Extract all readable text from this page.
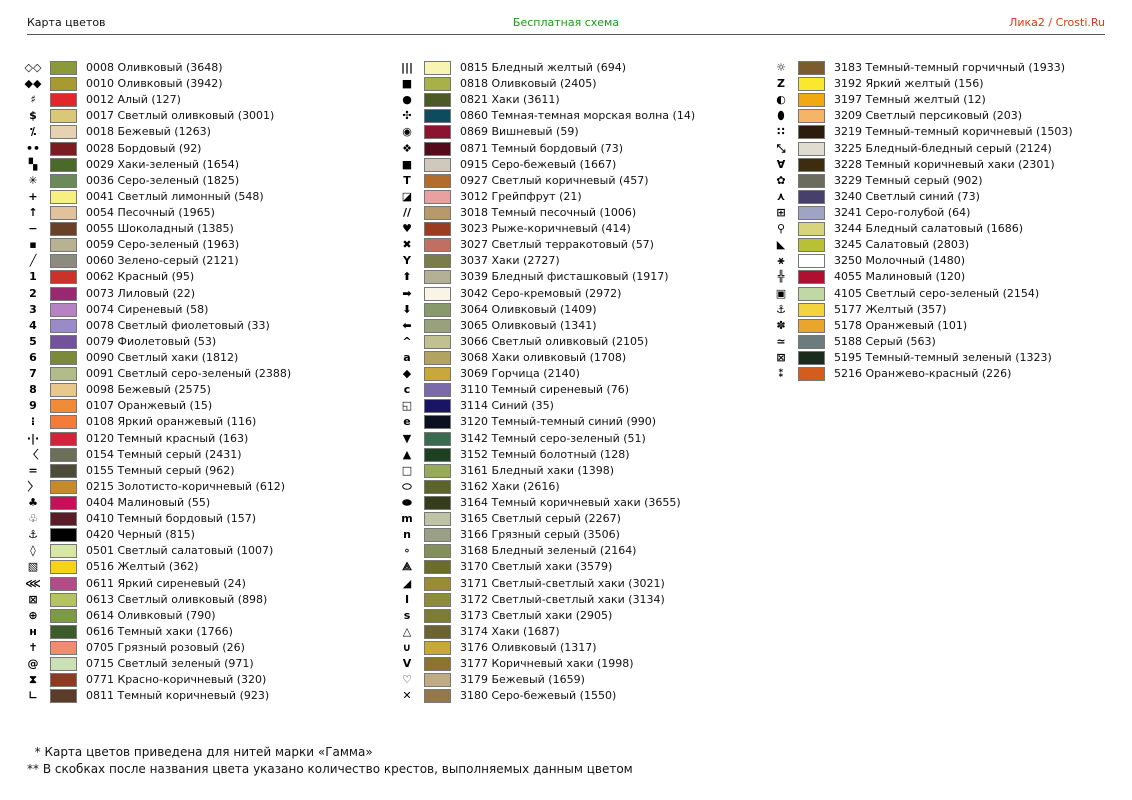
Карта цветов	Бесплатная схема	Лика2 / Crosti.Ru
◇◇	0008 Оливковый (3648)
◆◆	0010 Оливковый (3942)
♯	0012 Алый (127)
$	0017 Светлый оливковый (3001)
⁒	0018 Бежевый (1263)
••	0028 Бордовый (92)
▚	0029 Хаки-зеленый (1654)
✳	0036 Серо-зеленый (1825)
+	0041 Светлый лимонный (548)
↑	0054 Песочный (1965)
−	0055 Шоколадный (1385)
▪	0059 Серо-зеленый (1963)
╱	0060 Зелено-серый (2121)
1	0062 Красный (95)
2	0073 Лиловый (22)
3	0074 Сиреневый (58)
4	0078 Светлый фиолетовый (33)
5	0079 Фиолетовый (53)
6	0090 Светлый хаки (1812)
7	0091 Светлый серо-зеленый (2388)
8	0098 Бежевый (2575)
9	0107 Оранжевый (15)
⁝	0108 Яркий оранжевый (116)
·|·	0120 Темный красный (163)
〈	0154 Темный серый (2431)
=	0155 Темный серый (962)
〉	0215 Золотисто-коричневый (612)
♣	0404 Малиновый (55)
♧	0410 Темный бордовый (157)
⚓	0420 Черный (815)
◊	0501 Светлый салатовый (1007)
▧	0516 Желтый (362)
⋘	0611 Яркий сиреневый (24)
⊠	0613 Светлый оливковый (898)
⊕	0614 Оливковый (790)
ʜ	0616 Темный хаки (1766)
✝	0705 Грязный розовый (26)
@	0715 Светлый зеленый (971)
⧗	0771 Красно-коричневый (320)
∟	0811 Темный коричневый (923)
|||	0815 Бледный желтый (694)
■	0818 Оливковый (2405)
●	0821 Хаки (3611)
✣	0860 Темная-темная морская волна (14)
◉	0869 Вишневый (59)
❖	0871 Темный бордовый (73)
■	0915 Серо-бежевый (1667)
T	0927 Светлый коричневый (457)
◪	3012 Грейпфрут (21)
//	3018 Темный песочный (1006)
♥	3023 Рыже-коричневый (414)
✖	3027 Светлый терракотовый (57)
Y	3037 Хаки (2727)
⬆	3039 Бледный фисташковый (1917)
➡	3042 Серо-кремовый (2972)
⬇	3064 Оливковый (1409)
⬅	3065 Оливковый (1341)
^	3066 Светлый оливковый (2105)
a	3068 Хаки оливковый (1708)
◆	3069 Горчица (2140)
c	3110 Темный сиреневый (76)
◱	3114 Синий (35)
e	3120 Темный-темный синий (990)
▼	3142 Темный серо-зеленый (51)
▲	3152 Темный болотный (128)
□	3161 Бледный хаки (1398)
⬭	3162 Хаки (2616)
⬬	3164 Темный коричневый хаки (3655)
m	3165 Светлый серый (2267)
n	3166 Грязный серый (3506)
∘	3168 Бледный зеленый (2164)
⟁	3170 Светлый хаки (3579)
◢	3171 Светлый-светлый хаки (3021)
I	3172 Светлый-светлый хаки (3134)
s	3173 Светлый хаки (2905)
△	3174 Хаки (1687)
∪	3176 Оливковый (1317)
V	3177 Коричневый хаки (1998)
♡	3179 Бежевый (1659)
✕	3180 Серо-бежевый (1550)
☼	3183 Темный-темный горчичный (1933)
Z	3192 Яркий желтый (156)
◐	3197 Темный желтый (12)
⬮	3209 Светлый персиковый (203)
∷	3219 Темный-темный коричневый (1503)
⤡	3225 Бледный-бледный серый (2124)
∀	3228 Темный коричневый хаки (2301)
✿	3229 Темный серый (902)
⋏	3240 Светлый синий (73)
⊞	3241 Серо-голубой (64)
⚲	3244 Бледный салатовый (1686)
◣	3245 Салатовый (2803)
⚹	3250 Молочный (1480)
╬	4055 Малиновый (120)
▣	4105 Светлый серо-зеленый (2154)
⚓	5177 Желтый (357)
✽	5178 Оранжевый (101)
≃	5188 Серый (563)
⊠	5195 Темный-темный зеленый (1323)
⁑	5216 Оранжево-красный (226)
* Карта цветов приведена для нитей марки «Гамма»
** В скобках после названия цвета указано количество крестов, выполняемых данным цветом
